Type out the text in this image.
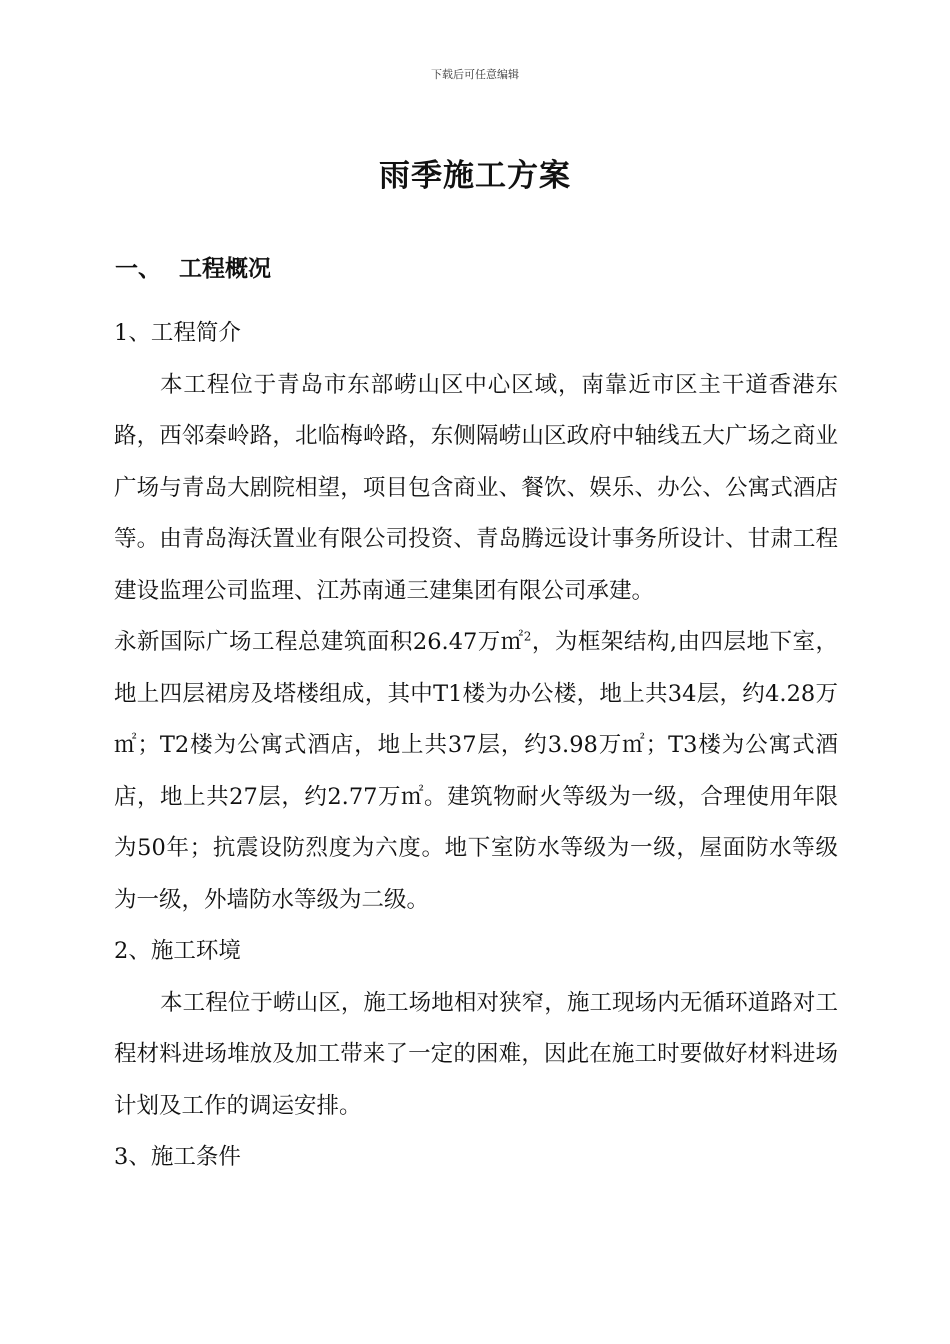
下载后可任意编辑
雨季施工方案
一、 工程概况

1、工程简介

本工程位于青岛市东部崂山区中心区域，南靠近市区主干道香港东路，西邻秦岭路，北临梅岭路，东侧隔崂山区政府中轴线五大广场之商业广场与青岛大剧院相望，项目包含商业、餐饮、娱乐、办公、公寓式酒店等。由青岛海沃置业有限公司投资、青岛腾远设计事务所设计、甘肃工程建设监理公司监理、江苏南通三建集团有限公司承建。

永新国际广场工程总建筑面积26.47万㎡$^2$，为框架结构,由四层地下室，地上四层裙房及塔楼组成，其中T1楼为办公楼，地上共34层，约4.28万㎡；T2楼为公寓式酒店，地上共37层，约3.98万㎡；T3楼为公寓式酒店，地上共27层，约2.77万㎡。建筑物耐火等级为一级，合理使用年限为50年；抗震设防烈度为六度。地下室防水等级为一级，屋面防水等级为一级，外墙防水等级为二级。

2、施工环境

本工程位于崂山区，施工场地相对狭窄，施工现场内无循环道路对工程材料进场堆放及加工带来了一定的困难，因此在施工时要做好材料进场计划及工作的调运安排。

3、施工条件
